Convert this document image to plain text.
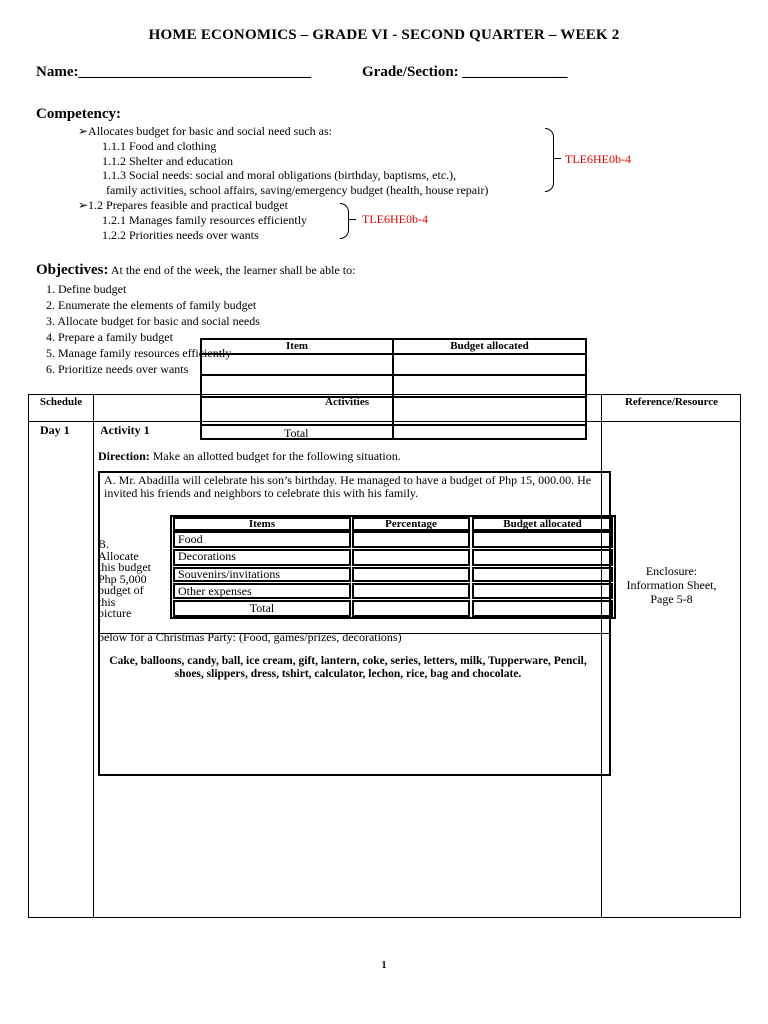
HOME ECONOMICS – GRADE VI - SECOND QUARTER – WEEK 2
Name:_______________________________	Grade/Section: ______________
Competency:
➢Allocates budget for basic and social need such as:
1.1.1 Food and clothing
1.1.2 Shelter and education
1.1.3 Social needs: social and moral obligations (birthday, baptisms, etc.),
family activities, school affairs, saving/emergency budget (health, house repair)
➢1.2 Prepares feasible and practical budget
1.2.1 Manages family resources efficiently
1.2.2 Priorities needs over wants
TLE6HE0b-4
TLE6HE0b-4
Objectives: At the end of the week, the learner shall be able to:
1. Define budget
2. Enumerate the elements of family budget
3. Allocate budget for basic and social needs
4. Prepare a family budget
5. Manage family resources efficiently
6. Prioritize needs over wants
Schedule	Activities	Reference/Resource
Item	Budget allocated
Total
Day 1	Activity 1
Direction: Make an allotted budget for the following situation.
A. Mr. Abadilla will celebrate his son’s birthday. He managed to have a budget of Php 15, 000.00. He invited his friends and neighbors to celebrate this with his family.
B.
Allocate
this budget
Php 5,000
budget of
this
picture
below for a Christmas Party: (Food, games/prizes, decorations)
Items	Percentage	Budget allocated
Food
Decorations
Souvenirs/invitations
Other expenses
Total
Cake, balloons, candy, ball, ice cream, gift, lantern, coke, series, letters, milk, Tupperware, Pencil, shoes, slippers, dress, tshirt, calculator, lechon, rice, bag and chocolate.
Enclosure:
Information Sheet,
Page 5-8
1
